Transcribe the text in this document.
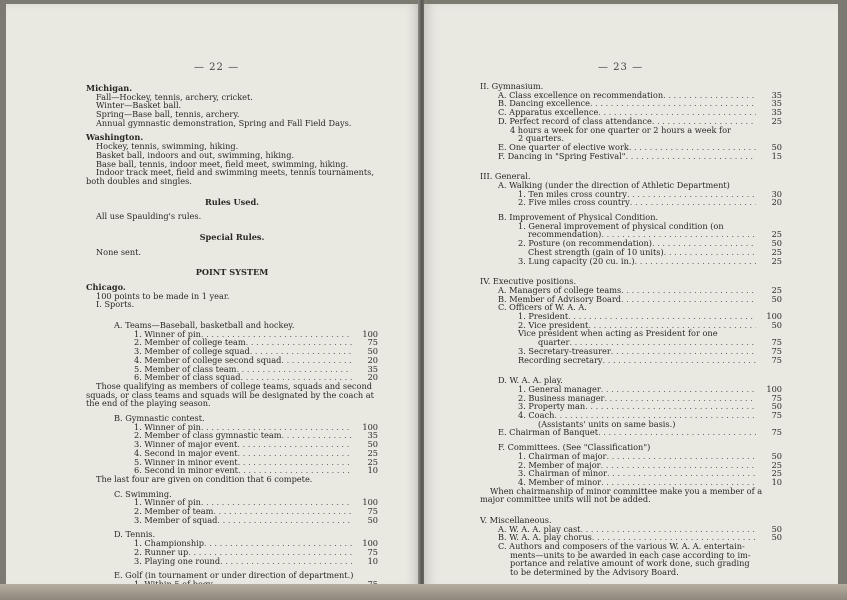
— 22 —
Michigan.
Fall—Hockey, tennis, archery, cricket.
Winter—Basket ball.
Spring—Base ball, tennis, archery.
Annual gymnastic demonstration, Spring and Fall Field Days.
Washington.
Hockey, tennis, swimming, hiking.
Basket ball, indoors and out, swimming, hiking.
Base ball, tennis, indoor meet, field meet, swimming, hiking.
Indoor track meet, field and swimming meets, tennis tournaments,
both doubles and singles.
Rules Used.
All use Spaulding's rules.
Special Rules.
None sent.
POINT SYSTEM
Chicago.
100 points to be made in 1 year.
I. Sports.
A. Teams—Baseball, basketball and hockey.
1. Winner of pin . . .	100
2. Member of college team . . .	75
3. Member of college squad . . .	50
4. Member of college second squad . . .	20
5. Member of class team . . .	35
6. Member of class squad . . .	20
Those qualifying as members of college teams, squads and second
squads, or class teams and squads will be designated by the coach at
the end of the playing season.
B. Gymnastic contest.
1. Winner of pin . . .	100
2. Member of class gymnastic team . . .	35
3. Winner of major event . . .	50
4. Second in major event . . .	25
5. Winner in minor event . . .	25
6. Second in minor event . . .	10
The last four are given on condition that 6 compete.
C. Swimming.
1. Winner of pin . . .	100
2. Member of team . . .	75
3. Member of squad . . .	50
D. Tennis.
1. Championship . . .	100
2. Runner up . . .	75
3. Playing one round . . .	10
E. Golf (in tournament or under direction of department.)
. . .
— 23 —
II. Gymnasium.
A. Class excellence on recommendation . . .	35
B. Dancing excellence . . .	35
C. Apparatus excellence . . .	35
D. Perfect record of class attendance . . .	25
4 hours a week for one quarter or 2 hours a week for
2 quarters.
E. One quarter of elective work . . .	50
F. Dancing in "Spring Festival" . . .	15
III. General.
A. Walking (under the direction of Athletic Department)
1. Ten miles cross country . . .	30
2. Five miles cross country . . .	20
B. Improvement of Physical Condition.
1. General improvement of physical condition (on
recommendation) . . .	25
2. Posture (on recommendation) . . .	50
Chest strength (gain of 10 units) . . .	25
3. Lung capacity (20 cu. in.) . . .	25
IV. Executive positions.
A. Managers of college teams . . .	25
B. Member of Advisory Board . . .	50
C. Officers of W. A. A.
1. President . . .	100
2. Vice president . . .	50
Vice president when acting as President for one
quarter . . .	75
3. Secretary-treasurer . . .	75
Recording secretary . . .	75
D. W. A. A. play.
1. General manager . . .	100
2. Business manager . . .	75
3. Property man . . .	50
4. Coach . . .	75
(Assistants' units on same basis.)
E. Chairman of Banquet . . .	75
F. Committees. (See "Classification")
1. Chairman of major . . .	50
2. Member of major . . .	25
3. Chairman of minor . . .	25
4. Member of minor . . .	10
When chairmanship of minor committee make you a member of a
major committee units will not be added.
V. Miscellaneous.
A. W. A. A. play cast . . .	50
B. W. A. A. play chorus . . .	50
C. Authors and composers of the various W. A. A. entertain-
ments—units to be awarded in each case according to im-
portance and relative amount of work done, such grading
to be determined by the Advisory Board.
